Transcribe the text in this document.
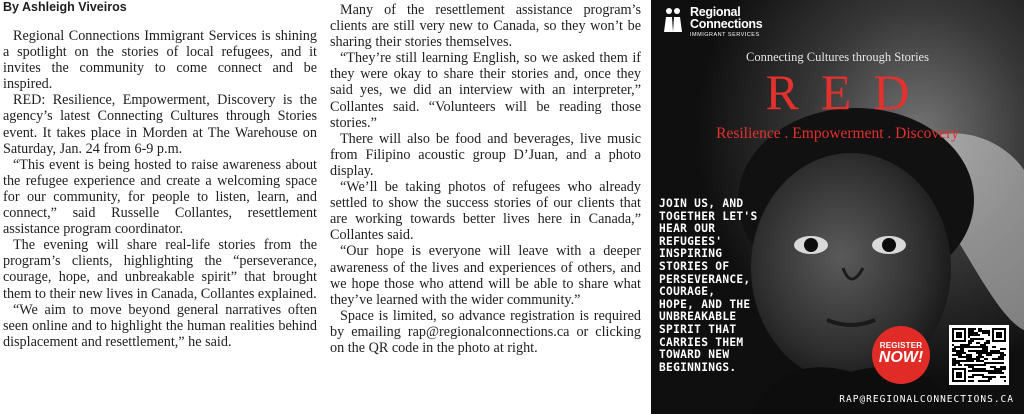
By Ashleigh Viveiros

Regional Connections Immigrant Services is shining a spotlight on the stories of local refugees, and it invites the community to come connect and be inspired.

RED: Resilience, Empowerment, Discovery is the agency’s latest Connecting Cultures through Stories event. It takes place in Morden at The Warehouse on Saturday, Jan. 24 from 6-9 p.m.

“This event is being hosted to raise awareness about the refugee experience and create a welcoming space for our community, for people to listen, learn, and connect,” said Russelle Collantes, resettlement assistance program coordinator.

The evening will share real-life stories from the program’s clients, highlighting the “perseverance, courage, hope, and unbreakable spirit” that brought them to their new lives in Canada, Collantes explained.

“We aim to move beyond general narratives often seen online and to highlight the human realities behind displacement and resettlement,” he said.

Many of the resettlement assistance program’s clients are still very new to Canada, so they won’t be sharing their stories themselves.

“They’re still learning English, so we asked them if they were okay to share their stories and, once they said yes, we did an interview with an interpreter,” Collantes said. “Volunteers will be reading those stories.”

There will also be food and beverages, live music from Filipino acoustic group D’Juan, and a photo display.

“We’ll be taking photos of refugees who already settled to show the success stories of our clients that are working towards better lives here in Canada,” Collantes said.

“Our hope is everyone will leave with a deeper awareness of the lives and experiences of others, and we hope those who attend will be able to share what they’ve learned with the wider community.”

Space is limited, so advance registration is required by emailing rap@regionalconnections.ca or clicking on the QR code in the photo at right.

Regional
Connections
IMMIGRANT SERVICES
Connecting Cultures through Stories
RED
Resilience . Empowerment . Discovery
JOIN US, AND
TOGETHER LET'S
HEAR OUR
REFUGEES'
INSPIRING
STORIES OF
PERSEVERANCE,
COURAGE,
HOPE, AND THE
UNBREAKABLE
SPIRIT THAT
CARRIES THEM
TOWARD NEW
BEGINNINGS.
REGISTER
NOW!
RAP@REGIONALCONNECTIONS.CA
